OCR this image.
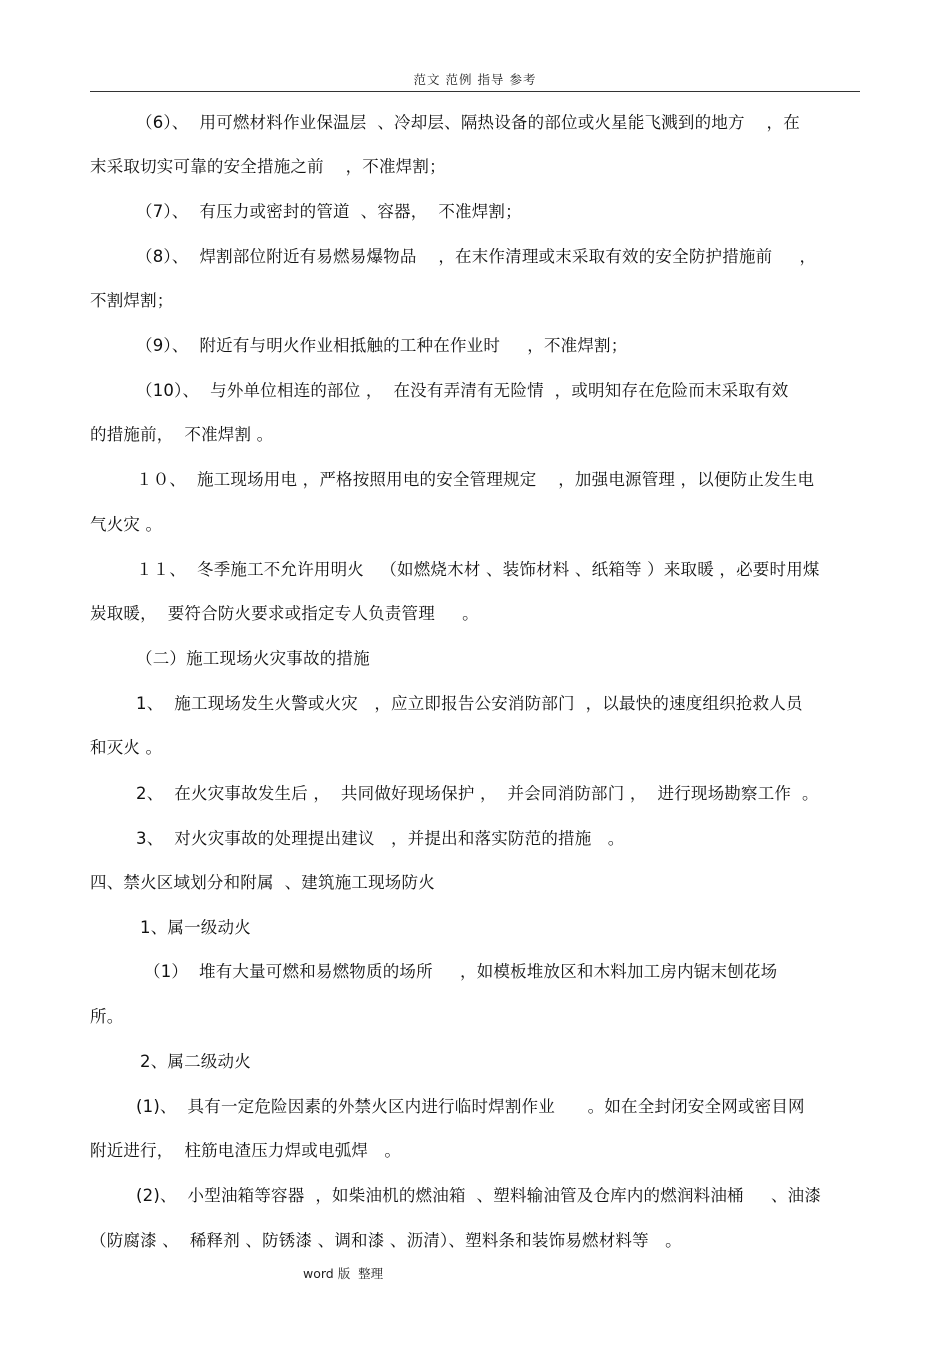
范文 范例 指导 参考
（6）、  用可燃材料作业保温层  、冷却层、隔热设备的部位或火星能飞溅到的地方    ，在
末采取切实可靠的安全措施之前    ，不准焊割；
（7）、  有压力或密封的管道  、容器，  不准焊割；
（8）、  焊割部位附近有易燃易爆物品    ，在末作清理或末采取有效的安全防护措施前     ，
不割焊割；
（9）、  附近有与明火作业相抵触的工种在作业时     ，不准焊割；
（10）、  与外单位相连的部位 ，  在没有弄清有无险情  ，或明知存在危险而末采取有效
的措施前，  不准焊割 。
１０、  施工现场用电 ，严格按照用电的安全管理规定    ，加强电源管理 ，以便防止发生电
气火灾 。
１１、  冬季施工不允许用明火   （如燃烧木材 、装饰材料 、纸箱等 ）来取暖 ，必要时用煤
炭取暖，  要符合防火要求或指定专人负责管理     。
（二）施工现场火灾事故的措施
1、  施工现场发生火警或火灾   ，应立即报告公安消防部门  ，以最快的速度组织抢救人员
和灭火 。
2、  在火灾事故发生后 ，  共同做好现场保护 ，  并会同消防部门 ，  进行现场勘察工作  。
3、  对火灾事故的处理提出建议   ，并提出和落实防范的措施   。
四、禁火区域划分和附属  、建筑施工现场防火
1、属一级动火
（1）  堆有大量可燃和易燃物质的场所     ，如模板堆放区和木料加工房内锯末刨花场
所。
2、属二级动火
(1)、  具有一定危险因素的外禁火区内进行临时焊割作业      。如在全封闭安全网或密目网
附近进行，  柱筋电渣压力焊或电弧焊   。
(2)、  小型油箱等容器  ，如柴油机的燃油箱  、塑料输油管及仓库内的燃润料油桶     、油漆
（防腐漆 、  稀释剂 、防锈漆 、调和漆 、沥清）、塑料条和装饰易燃材料等   。
word 版  整理
